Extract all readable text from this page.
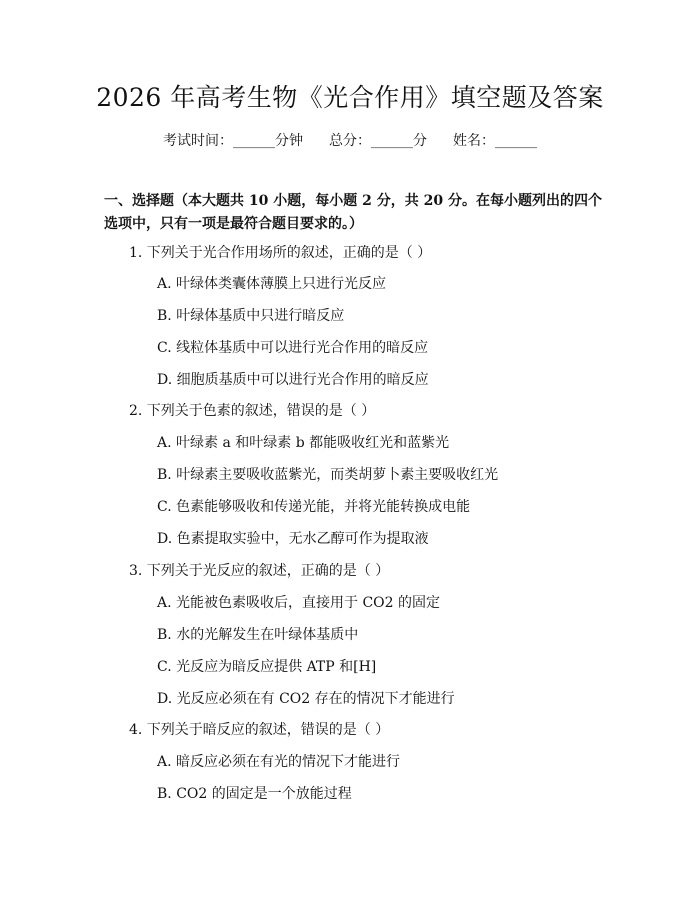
2026 年高考生物《光合作用》填空题及答案
考试时间：______分钟 总分：______分 姓名：______
一、选择题（本大题共 10 小题，每小题 2 分，共 20 分。在每小题列出的四个选项中，只有一项是最符合题目要求的。）
1. 下列关于光合作用场所的叙述，正确的是（ ）
A. 叶绿体类囊体薄膜上只进行光反应
B. 叶绿体基质中只进行暗反应
C. 线粒体基质中可以进行光合作用的暗反应
D. 细胞质基质中可以进行光合作用的暗反应
2. 下列关于色素的叙述，错误的是（ ）
A. 叶绿素 a 和叶绿素 b 都能吸收红光和蓝紫光
B. 叶绿素主要吸收蓝紫光，而类胡萝卜素主要吸收红光
C. 色素能够吸收和传递光能，并将光能转换成电能
D. 色素提取实验中，无水乙醇可作为提取液
3. 下列关于光反应的叙述，正确的是（ ）
A. 光能被色素吸收后，直接用于 CO2 的固定
B. 水的光解发生在叶绿体基质中
C. 光反应为暗反应提供 ATP 和[H]
D. 光反应必须在有 CO2 存在的情况下才能进行
4. 下列关于暗反应的叙述，错误的是（ ）
A. 暗反应必须在有光的情况下才能进行
B. CO2 的固定是一个放能过程
